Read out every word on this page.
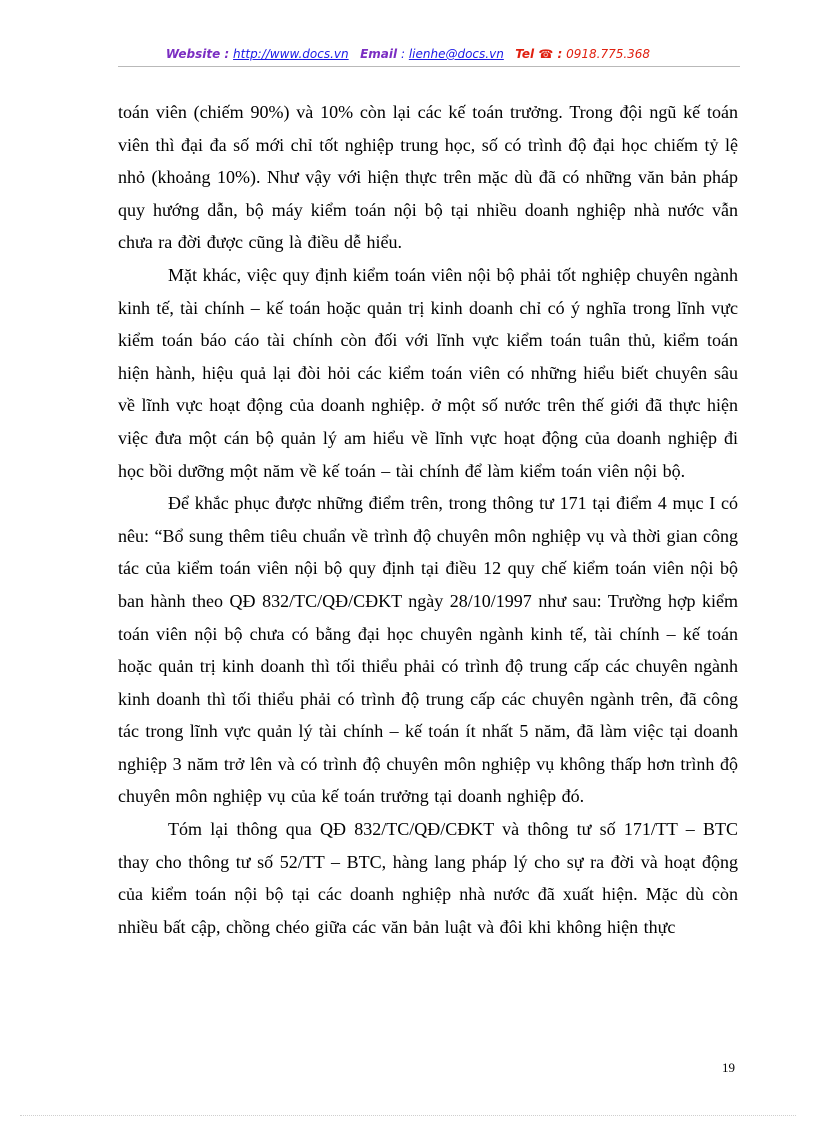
Website : http://www.docs.vn Email : lienhe@docs.vn Tel ☎ : 0918.775.368

toán viên (chiếm 90%) và 10% còn lại các kế toán trưởng. Trong đội ngũ kế toán viên thì đại đa số mới chỉ tốt nghiệp trung học, số có trình độ đại học chiếm tỷ lệ nhỏ (khoảng 10%). Như vậy với hiện thực trên mặc dù đã có những văn bản pháp quy hướng dẫn, bộ máy kiểm toán nội bộ tại nhiều doanh nghiệp nhà nước vẫn chưa ra đời được cũng là điều dễ hiểu.

Mặt khác, việc quy định kiểm toán viên nội bộ phải tốt nghiệp chuyên ngành kinh tế, tài chính – kế toán hoặc quản trị kinh doanh chỉ có ý nghĩa trong lĩnh vực kiểm toán báo cáo tài chính còn đối với lĩnh vực kiểm toán tuân thủ, kiểm toán hiện hành, hiệu quả lại đòi hỏi các kiểm toán viên có những hiểu biết chuyên sâu về lĩnh vực hoạt động của doanh nghiệp. ở một số nước trên thế giới đã thực hiện việc đưa một cán bộ quản lý am hiểu về lĩnh vực hoạt động của doanh nghiệp đi học bồi dưỡng một năm về kế toán – tài chính để làm kiểm toán viên nội bộ.

Để khắc phục được những điểm trên, trong thông tư 171 tại điểm 4 mục I có nêu: “Bổ sung thêm tiêu chuẩn về trình độ chuyên môn nghiệp vụ và thời gian công tác của kiểm toán viên nội bộ quy định tại điều 12 quy chế kiểm toán viên nội bộ ban hành theo QĐ 832/TC/QĐ/CĐKT ngày 28/10/1997 như sau: Trường hợp kiểm toán viên nội bộ chưa có bằng đại học chuyên ngành kinh tế, tài chính – kế toán hoặc quản trị kinh doanh thì tối thiểu phải có trình độ trung cấp các chuyên ngành kinh doanh thì tối thiểu phải có trình độ trung cấp các chuyên ngành trên, đã công tác trong lĩnh vực quản lý tài chính – kế toán ít nhất 5 năm, đã làm việc tại doanh nghiệp 3 năm trở lên và có trình độ chuyên môn nghiệp vụ không thấp hơn trình độ chuyên môn nghiệp vụ của kế toán trưởng tại doanh nghiệp đó.

Tóm lại thông qua QĐ 832/TC/QĐ/CĐKT và thông tư số 171/TT – BTC thay cho thông tư số 52/TT – BTC, hàng lang pháp lý cho sự ra đời và hoạt động của kiểm toán nội bộ tại các doanh nghiệp nhà nước đã xuất hiện. Mặc dù còn nhiều bất cập, chồng chéo giữa các văn bản luật và đôi khi không hiện thực

19
